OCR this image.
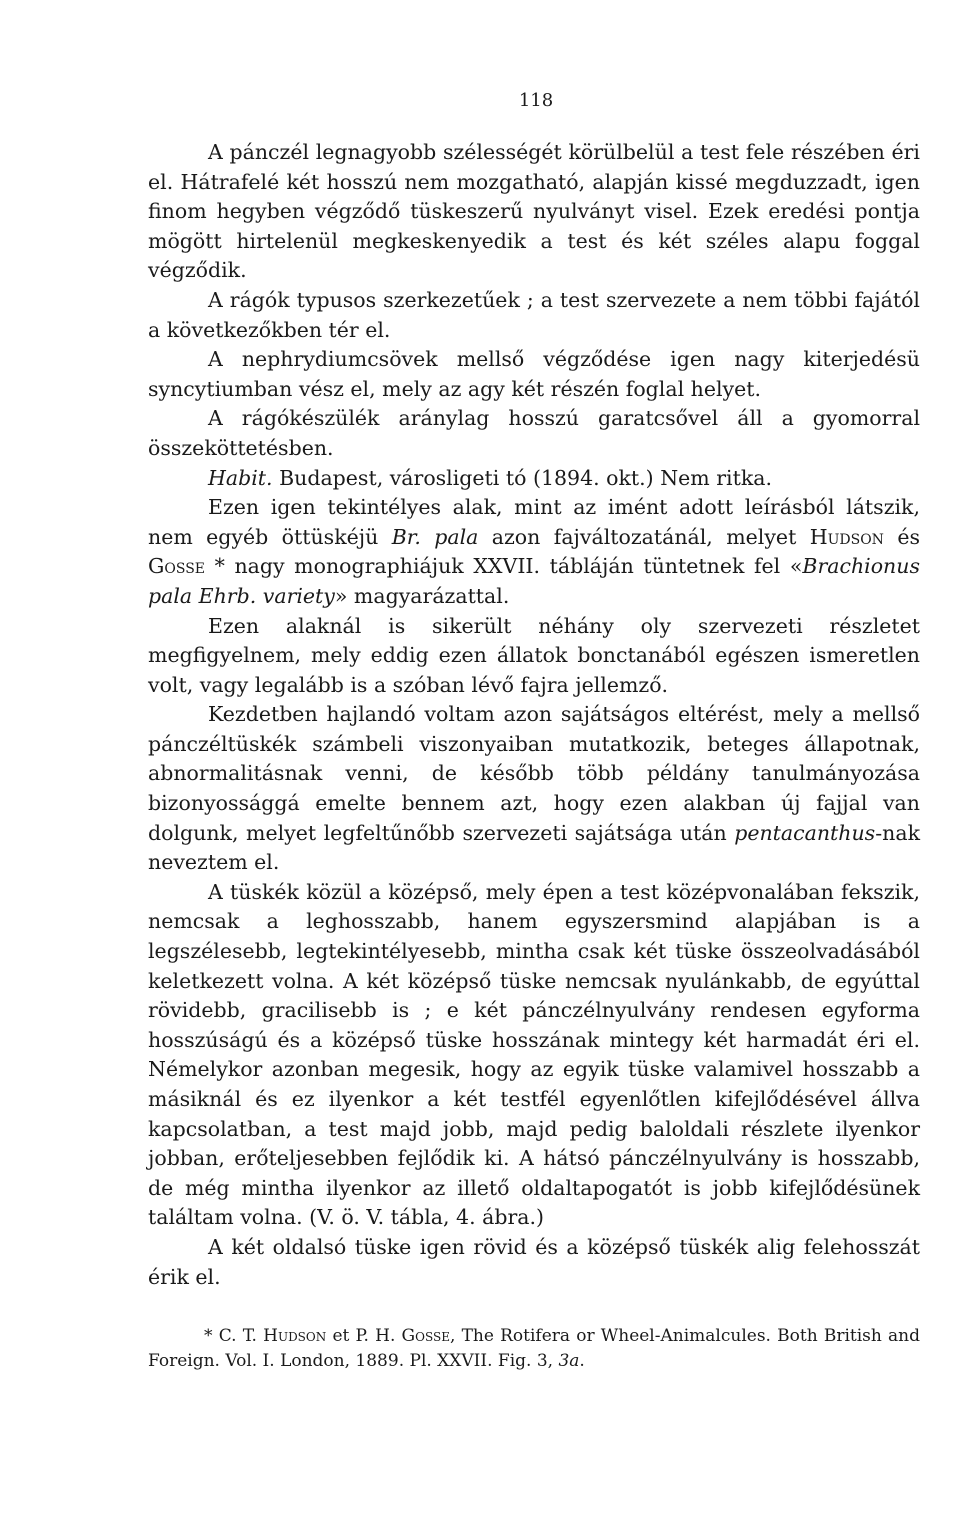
118

A pánczél legnagyobb szélességét körülbelül a test fele részében éri el. Hátrafelé két hosszú nem mozgatható, alapján kissé megduzzadt, igen finom hegyben végződő tüskeszerű nyulványt visel. Ezek eredési pontja mögött hirtelenül megkeskenyedik a test és két széles alapu foggal végződik.

A rágók typusos szerkezetűek ; a test szervezete a nem többi fajától a következőkben tér el.

A nephrydiumcsövek mellső végződése igen nagy kiterjedésü syncytiumban vész el, mely az agy két részén foglal helyet.

A rágókészülék aránylag hosszú garatcsővel áll a gyomorral összeköttetésben.

Habit. Budapest, városligeti tó (1894. okt.) Nem ritka.

Ezen igen tekintélyes alak, mint az imént adott leírásból látszik, nem egyéb öttüskéjü Br. pala azon fajváltozatánál, melyet Hudson és Gosse * nagy monographiájuk XXVII. tábláján tüntetnek fel «Brachionus pala Ehrb. variety» magyarázattal.

Ezen alaknál is sikerült néhány oly szervezeti részletet megfigyelnem, mely eddig ezen állatok bonctanából egészen ismeretlen volt, vagy legalább is a szóban lévő fajra jellemző.

Kezdetben hajlandó voltam azon sajátságos eltérést, mely a mellső pánczéltüskék számbeli viszonyaiban mutatkozik, beteges állapotnak, abnormalitásnak venni, de később több példány tanulmányozása bizonyossággá emelte bennem azt, hogy ezen alakban új fajjal van dolgunk, melyet legfeltűnőbb szervezeti sajátsága után pentacanthus-nak neveztem el.

A tüskék közül a középső, mely épen a test középvonalában fekszik, nemcsak a leghosszabb, hanem egyszersmind alapjában is a legszélesebb, legtekintélyesebb, mintha csak két tüske összeolvadásából keletkezett volna. A két középső tüske nemcsak nyulánkabb, de egyúttal rövidebb, gracilisebb is ; e két pánczélnyulvány rendesen egyforma hosszúságú és a középső tüske hosszának mintegy két harmadát éri el. Némelykor azonban megesik, hogy az egyik tüske valamivel hosszabb a másiknál és ez ilyenkor a két testfél egyenlőtlen kifejlődésével állva kapcsolatban, a test majd jobb, majd pedig baloldali részlete ilyenkor jobban, erőteljesebben fejlődik ki. A hátsó pánczélnyulvány is hosszabb, de még mintha ilyenkor az illető oldaltapogatót is jobb kifejlődésünek találtam volna. (V. ö. V. tábla, 4. ábra.)

A két oldalsó tüske igen rövid és a középső tüskék alig felehosszát érik el.

* C. T. Hudson et P. H. Gosse, The Rotifera or Wheel-Animalcules. Both British and Foreign. Vol. I. London, 1889. Pl. XXVII. Fig. 3, 3a.
